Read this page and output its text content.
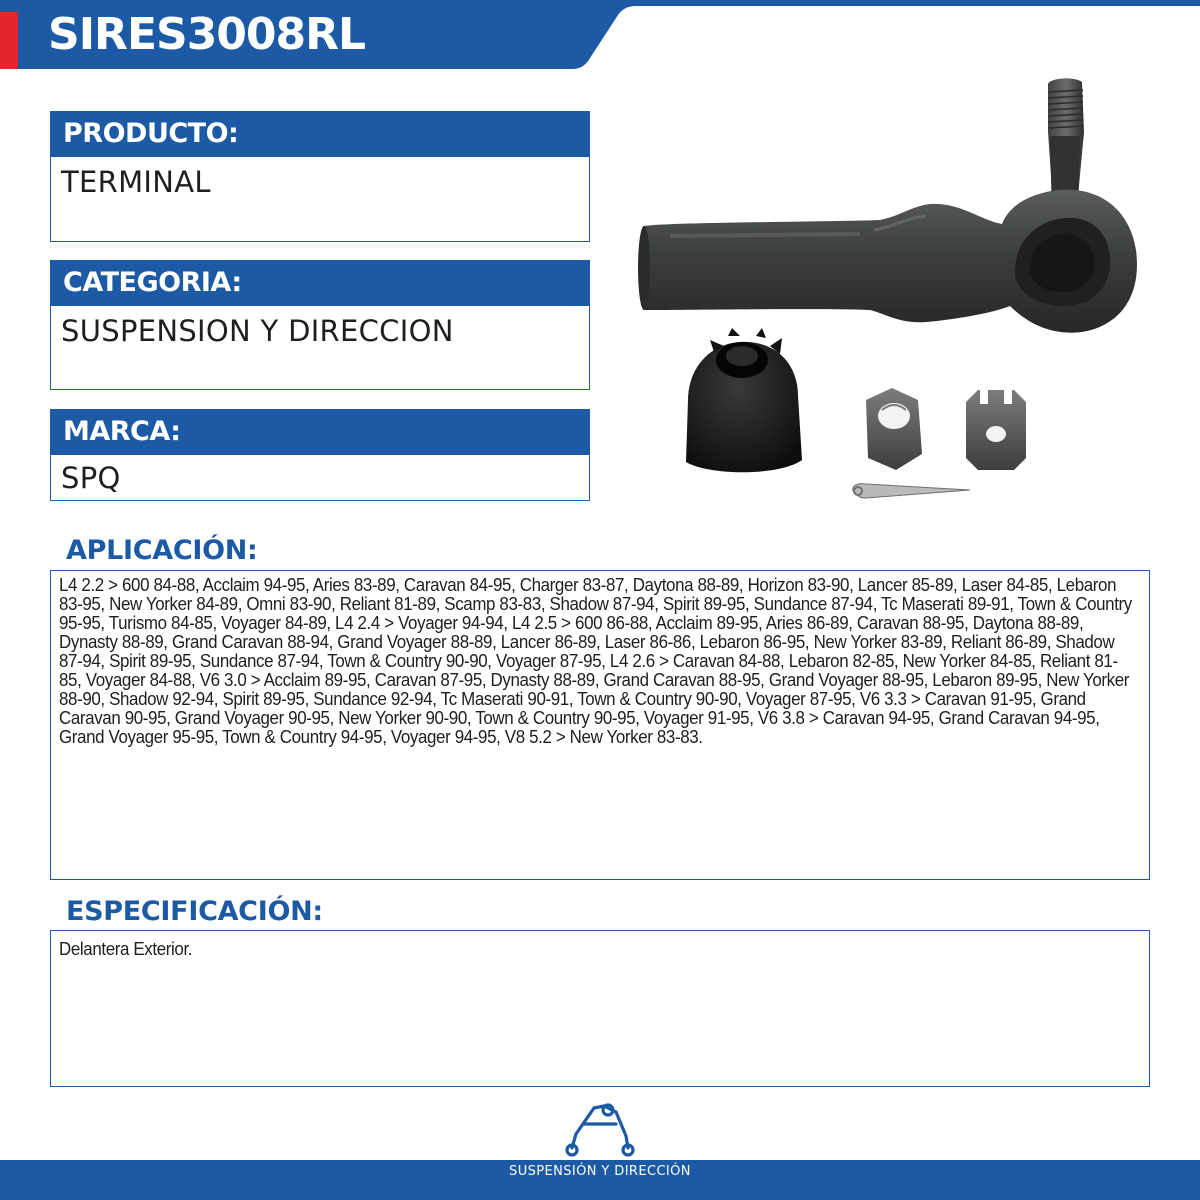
SIRES3008RL
PRODUCTO:
TERMINAL
CATEGORIA:
SUSPENSION Y DIRECCION
MARCA:
SPQ
APLICACIÓN:
L4 2.2 > 600 84-88, Acclaim 94-95, Aries 83-89, Caravan 84-95, Charger 83-87, Daytona 88-89, Horizon 83-90, Lancer 85-89, Laser 84-85, Lebaron 83-95, New Yorker 84-89, Omni 83-90, Reliant 81-89, Scamp 83-83, Shadow 87-94, Spirit 89-95, Sundance 87-94, Tc Maserati 89-91, Town & Country 95-95, Turismo 84-85, Voyager 84-89, L4 2.4 > Voyager 94-94, L4 2.5 > 600 86-88, Acclaim 89-95, Aries 86-89, Caravan 88-95, Daytona 88-89, Dynasty 88-89, Grand Caravan 88-94, Grand Voyager 88-89, Lancer 86-89, Laser 86-86, Lebaron 86-95, New Yorker 83-89, Reliant 86-89, Shadow 87-94, Spirit 89-95, Sundance 87-94, Town & Country 90-90, Voyager 87-95, L4 2.6 > Caravan 84-88, Lebaron 82-85, New Yorker 84-85, Reliant 81-85, Voyager 84-88, V6 3.0 > Acclaim 89-95, Caravan 87-95, Dynasty 88-89, Grand Caravan 88-95, Grand Voyager 88-95, Lebaron 89-95, New Yorker 88-90, Shadow 92-94, Spirit 89-95, Sundance 92-94, Tc Maserati 90-91, Town & Country 90-90, Voyager 87-95, V6 3.3 > Caravan 91-95, Grand Caravan 90-95, Grand Voyager 90-95, New Yorker 90-90, Town & Country 90-95, Voyager 91-95, V6 3.8 > Caravan 94-95, Grand Caravan 94-95, Grand Voyager 95-95, Town & Country 94-95, Voyager 94-95, V8 5.2 > New Yorker 83-83.
ESPECIFICACIÓN:
Delantera Exterior.
SUSPENSIÓN Y DIRECCIÓN
